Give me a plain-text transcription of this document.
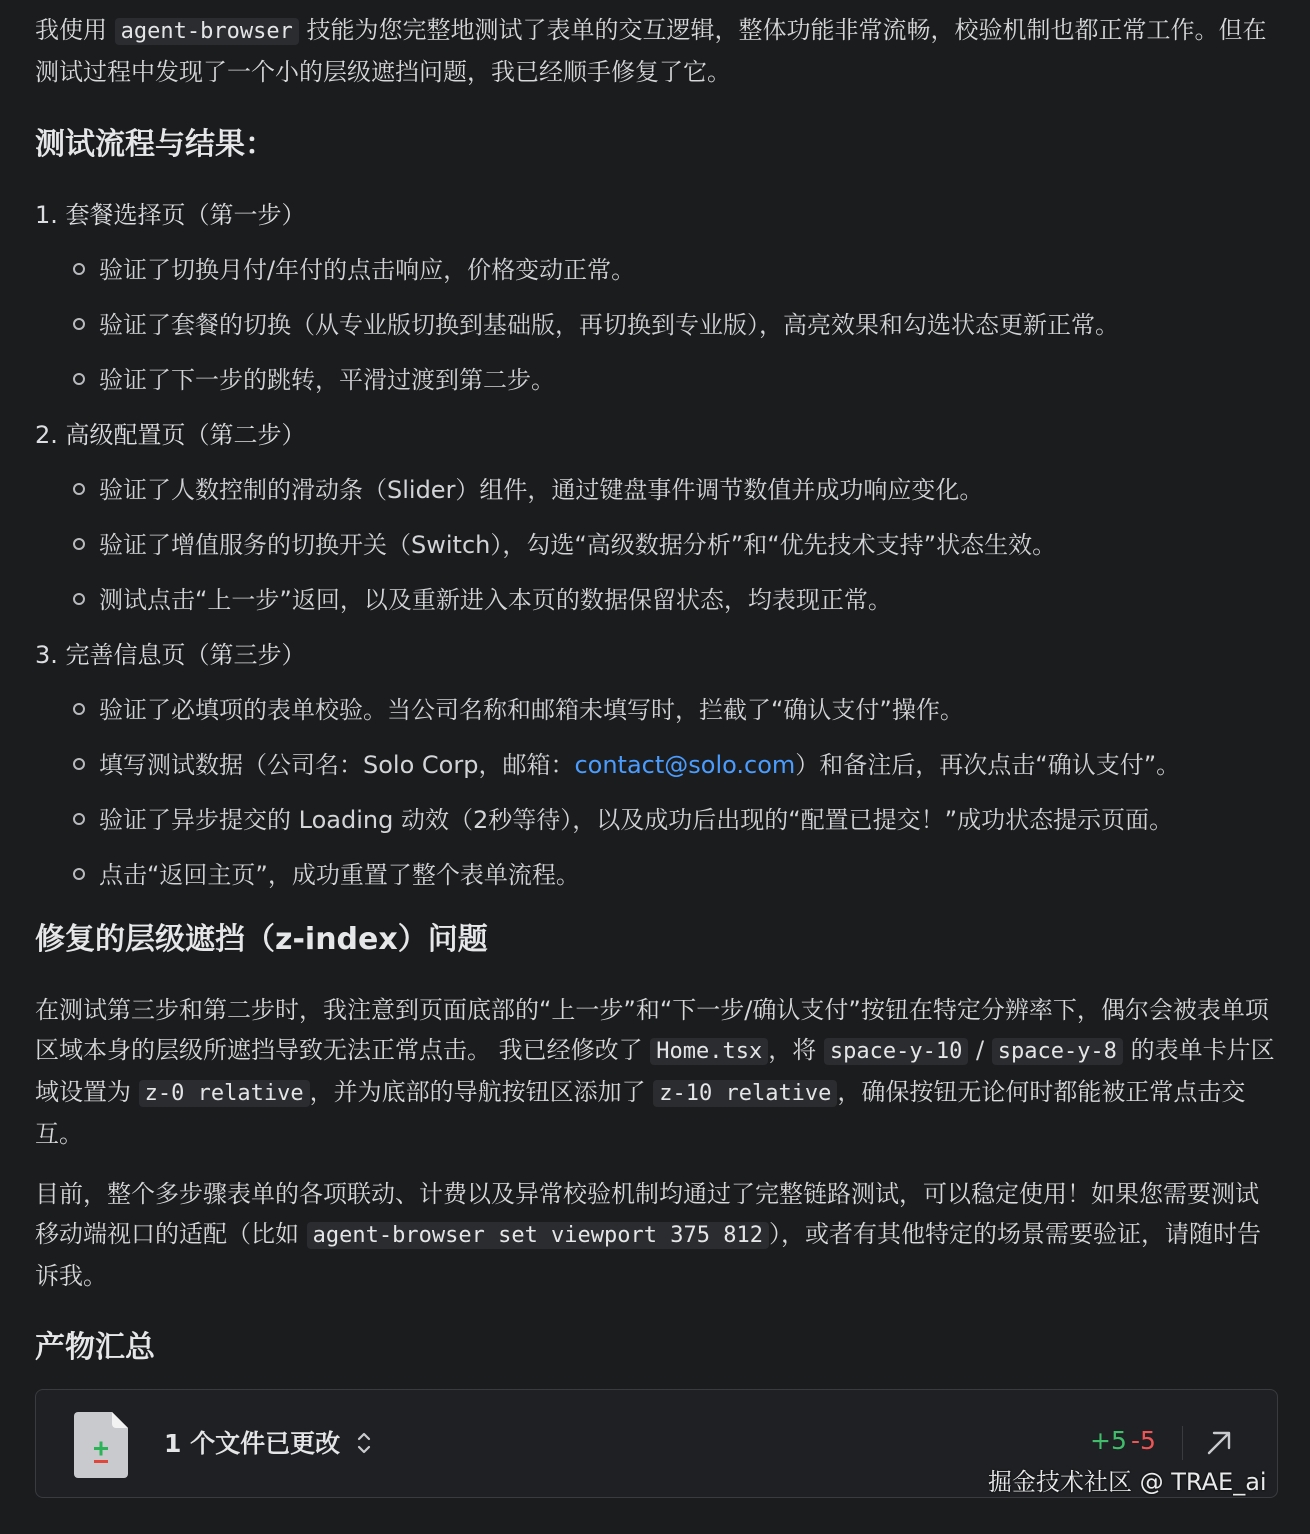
我使用 agent-browser 技能为您完整地测试了表单的交互逻辑，整体功能非常流畅，校验机制也都正常工作。但在测试过程中发现了一个小的层级遮挡问题，我已经顺手修复了它。

测试流程与结果：
1. 套餐选择页（第一步）
验证了切换月付/年付的点击响应，价格变动正常。
验证了套餐的切换（从专业版切换到基础版，再切换到专业版），高亮效果和勾选状态更新正常。
验证了下一步的跳转，平滑过渡到第二步。
2. 高级配置页（第二步）
验证了人数控制的滑动条（Slider）组件，通过键盘事件调节数值并成功响应变化。
验证了增值服务的切换开关（Switch），勾选“高级数据分析”和“优先技术支持”状态生效。
测试点击“上一步”返回，以及重新进入本页的数据保留状态，均表现正常。
3. 完善信息页（第三步）
验证了必填项的表单校验。当公司名称和邮箱未填写时，拦截了“确认支付”操作。
填写测试数据（公司名：Solo Corp，邮箱：contact@solo.com）和备注后，再次点击“确认支付”。
验证了异步提交的 Loading 动效（2秒等待），以及成功后出现的“配置已提交！”成功状态提示页面。
点击“返回主页”，成功重置了整个表单流程。
修复的层级遮挡（z-index）问题

在测试第三步和第二步时，我注意到页面底部的“上一步”和“下一步/确认支付”按钮在特定分辨率下，偶尔会被表单项区域本身的层级所遮挡导致无法正常点击。 我已经修改了 Home.tsx ，将 space-y-10 / space-y-8 的表单卡片区域设置为 z-0 relative ，并为底部的导航按钮区添加了 z-10 relative ，确保按钮无论何时都能被正常点击交互。

目前，整个多步骤表单的各项联动、计费以及异常校验机制均通过了完整链路测试，可以稳定使用！如果您需要测试移动端视口的适配（比如 agent-browser set viewport 375 812 ），或者有其他特定的场景需要验证，请随时告诉我。

产物汇总
1 个文件已更改	+5 -5
掘金技术社区 @ TRAE_ai
